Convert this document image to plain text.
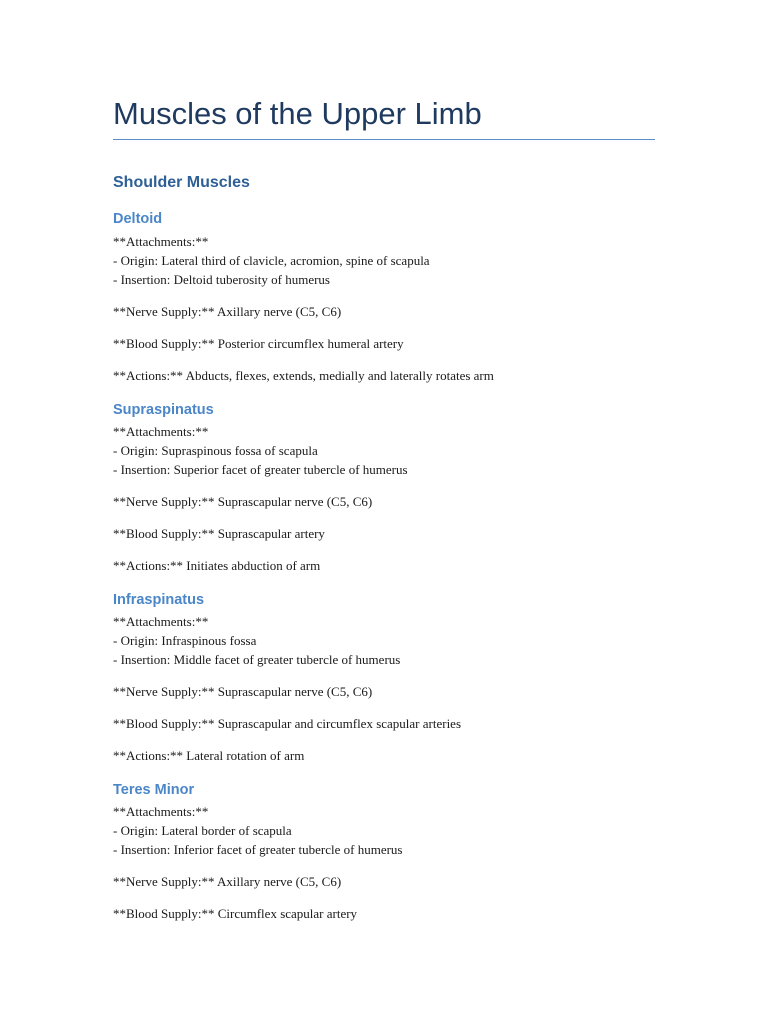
Muscles of the Upper Limb
Shoulder Muscles
Deltoid
**Attachments:**
- Origin: Lateral third of clavicle, acromion, spine of scapula
- Insertion: Deltoid tuberosity of humerus
**Nerve Supply:** Axillary nerve (C5, C6)
**Blood Supply:** Posterior circumflex humeral artery
**Actions:** Abducts, flexes, extends, medially and laterally rotates arm
Supraspinatus
**Attachments:**
- Origin: Supraspinous fossa of scapula
- Insertion: Superior facet of greater tubercle of humerus
**Nerve Supply:** Suprascapular nerve (C5, C6)
**Blood Supply:** Suprascapular artery
**Actions:** Initiates abduction of arm
Infraspinatus
**Attachments:**
- Origin: Infraspinous fossa
- Insertion: Middle facet of greater tubercle of humerus
**Nerve Supply:** Suprascapular nerve (C5, C6)
**Blood Supply:** Suprascapular and circumflex scapular arteries
**Actions:** Lateral rotation of arm
Teres Minor
**Attachments:**
- Origin: Lateral border of scapula
- Insertion: Inferior facet of greater tubercle of humerus
**Nerve Supply:** Axillary nerve (C5, C6)
**Blood Supply:** Circumflex scapular artery
